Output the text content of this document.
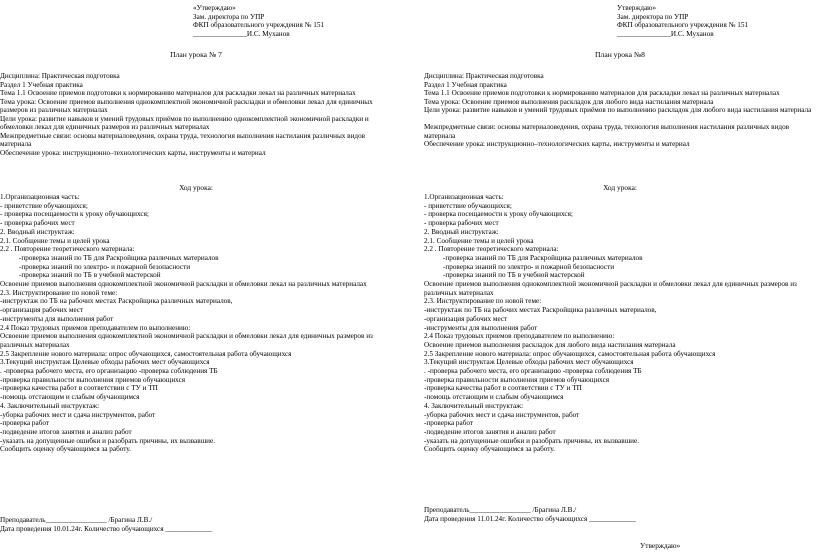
«Утверждаю»
Зам. директора по УПР
ФКП образовательного учреждения № 151
_______________И.С. Муханов
План урока № 7
Дисциплина: Практическая подготовка
Раздел 1 Учебная практика
Тема 1.1 Освоение приемов подготовки к нормированию материалов для раскладки лекал на различных материалах
Тема урока: Освоение приемов выполнения однокомплектной экономичной раскладки и обмеловки лекал для единичных размеров из различных материалах
Цели урока: развитие навыков и умений трудовых приёмов по выполнению однокомплектной экономичной раскладки и обмеловки лекал для единичных размеров из различных материалах
Межпредметные связи: основы материаловедения, охрана труда, технология выполнения настилания различных видов материала
Обеспечение урока: инструкционно–технологических карты, инструменты и материал
Ход урока:
1.Организационная часть:
- приветствие обучающихся;
- проверка посещаемости к уроку обучающихся;
- проверка рабочих мест
2. Вводный инструктаж:
2.1. Сообщение темы и целей урока
2.2 . Повторение теоретического материала:
-проверка знаний по ТБ для Раскройщика различных материалов
-проверка знаний по электро- и пожарной безопасности
-проверка знаний по ТБ в учебной мастерской
Освоение приемов выполнения однокомплектной экономичной раскладки и обмеловки лекал на различных материалах
2.3. Инструктирование по новой теме:
-инструктаж по ТБ на рабочих местах Раскройщика различных материалов,
-организация рабочих мест
-инструменты для выполнения работ
2.4 Показ трудовых приемов преподавателем по выполнению:
Освоение приемов выполнения однокомплектной экономичной раскладки и обмеловки лекал для единичных размеров из различных материалах
2.5 Закрепление нового материала: опрос обучающихся, самостоятельная работа обучающихся
3.Текущий инструктаж Целевые обходы рабочих мест обучающихся
. -проверка рабочего места, его организацию -проверка соблюдения ТБ
-проверка правильности выполнения приемов обучающихся
-проверка качества работ в соответствии с ТУ и ТП
-помощь отстающим и слабым обучающимся
4. Заключительный инструктаж:
-уборка рабочих мест и сдача инструментов, работ
-проверка работ
-подведение итогов занятия и анализ работ
-указать на допущенные ошибки и разобрать причины, их вызвавшие.
Сообщить оценку обучающимся за работу.
Преподаватель_________________ /Брагина Л.В./
Дата проведения 10.01.24г. Количество обучающихся _____________
Утверждаю»
Зам. директора по УПР
ФКП образовательного учреждения № 151
_______________И.С. Муханов
План урока №8
Дисциплина: Практическая подготовка
Раздел 1 Учебная практика
Тема 1.1 Освоение приемов подготовки к нормированию материалов для раскладки лекал на различных материалах
Тема урока: Освоение приемов выполнения раскладок для любого вида настилания материала
Цели урока: развитие навыков и умений трудовых приёмов по выполнению раскладок для любого вида настилания материала

Межпредметные связи: основы материаловедения, охрана труда, технология выполнения настилания различных видов материала
Обеспечение урока: инструкционно–технологических карты, инструменты и материал
Ход урока:
1.Организационная часть:
- приветствие обучающихся;
- проверка посещаемости к уроку обучающихся;
- проверка рабочих мест
2. Вводный инструктаж:
2.1. Сообщение темы и целей урока
2.2 . Повторение теоретического материала:
-проверка знаний по ТБ для Раскройщика различных материалов
-проверка знаний по электро- и пожарной безопасности
-проверка знаний по ТБ в учебной мастерской
Освоение приемов выполнения однокомплектной экономичной раскладки и обмеловки лекал для единичных размеров из различных материалах
2.3. Инструктирование по новой теме:
-инструктаж по ТБ на рабочих местах Раскройщика различных материалов,
-организация рабочих мест
-инструменты для выполнения работ
2.4 Показ трудовых приемов преподавателем по выполнению:
Освоение приемов выполнения раскладок для любого вида настилания материала
2.5 Закрепление нового материала: опрос обучающихся, самостоятельная работа обучающихся
3.Текущий инструктаж Целевые обходы рабочих мест обучающихся
. -проверка рабочего места, его организацию -проверка соблюдения ТБ
-проверка правильности выполнения приемов обучающихся
-проверка качества работ в соответствии с ТУ и ТП
-помощь отстающим и слабым обучающимся
4. Заключительный инструктаж:
-уборка рабочих мест и сдача инструментов, работ
-проверка работ
-подведение итогов занятия и анализ работ
-указать на допущенные ошибки и разобрать причины, их вызвавшие.
Сообщить оценку обучающимся за работу.
Преподаватель_________________ /Брагина Л.В./
Дата проведения 11.01.24г. Количество обучающихся _____________
Утверждаю»
